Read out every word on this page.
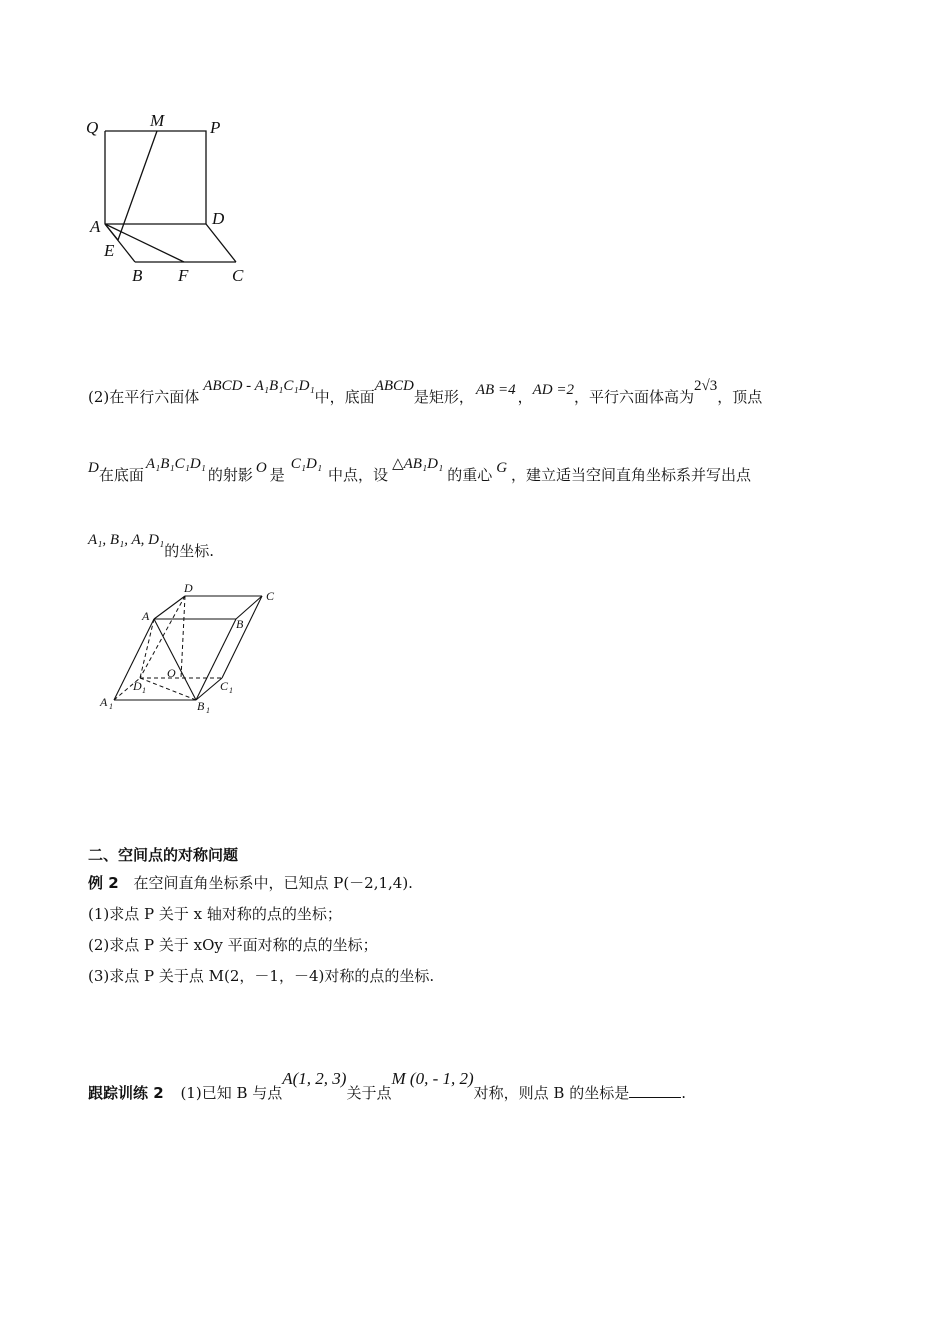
Q	M	P
A	D
E
B F	C
(2)在平行六面体ABCD - A₁B₁C₁D₁中，底面ABCD是矩形， AB =4 ，AD =2，平行六面体高为2√3，顶点
D在底面A₁B₁C₁D₁的射影 O 是C₁D₁中点，设△AB₁D₁的重心 G ，建立适当空间直角坐标系并写出点
A₁, B₁, A, D₁的坐标.
D
C
A
B
O
D 1	C 1
A 1	B 1
二、空间点的对称问题
例 2 在空间直角坐标系中，已知点 P(－2,1,4).
(1)求点 P 关于 x 轴对称的点的坐标；
(2)求点 P 关于 xOy 平面对称的点的坐标；
(3)求点 P 关于点 M(2，－1，－4)对称的点的坐标.
跟踪训练 2 (1)已知 B 与点A(1, 2, 3)关于点M (0, - 1, 2)对称，则点 B 的坐标是	.
